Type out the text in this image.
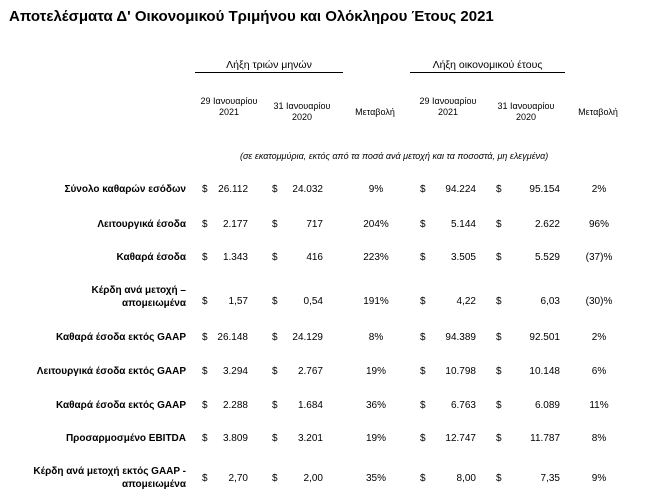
Αποτελέσματα Δ' Οικονομικού Τριμήνου και Ολόκληρου Έτους 2021
Λήξη τριών μηνών	Λήξη οικονομικού έτους
29 Ιανουαρίου 2021
31 Ιανουαρίου 2020	Μεταβολή
29 Ιανουαρίου 2021
31 Ιανουαρίου 2020	Μεταβολή
(σε εκατομμύρια, εκτός από τα ποσά ανά μετοχή και τα ποσοστά, μη ελεγμένα)
Σύνολο καθαρών εσόδων $	26.112 $	24.032	9%	$	94.224 $	95.154	2%
Λειτουργικά έσοδα $	2.177 $	717	204%	$	5.144 $	2.622	96%
Καθαρά έσοδα $	1.343 $	416	223%	$	3.505 $	5.529	(37)%
Κέρδη ανά μετοχή –
απομειωμένα $	1,57 $	0,54	191%	$	4,22 $	6,03	(30)%
Καθαρά έσοδα εκτός GAAP $ 26.148 $	24.129	8%	$	94.389 $	92.501	2%
Λειτουργικά έσοδα εκτός GAAP $	3.294 $	2.767	19%	$	10.798 $	10.148	6%
Καθαρά έσοδα εκτός GAAP $	2.288 $	1.684	36%	$	6.763 $	6.089	11%
Προσαρμοσμένο EBITDA $	3.809 $	3.201	19%	$	12.747 $	11.787	8%
Κέρδη ανά μετοχή εκτός GAAP -
απομειωμένα
$	2,70 $	2,00	35%	$	8,00 $	7,35	9%
